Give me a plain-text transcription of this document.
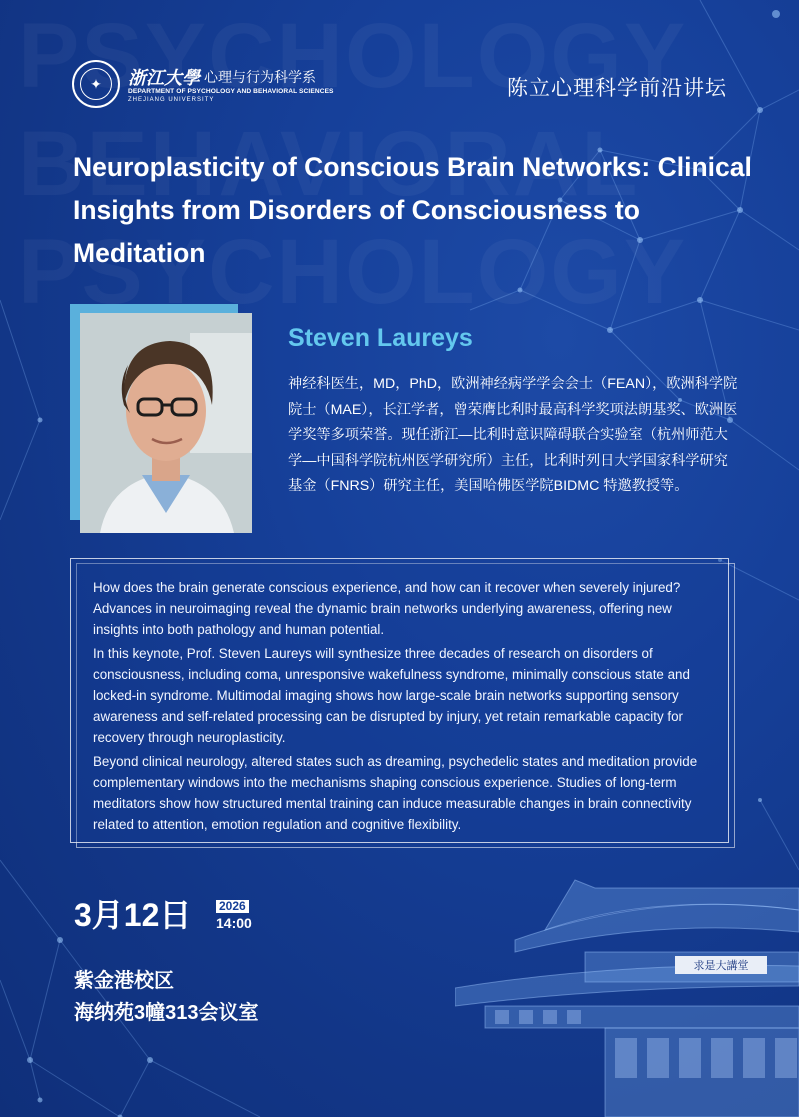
✦ 浙江大學 心理与行为科学系
DEPARTMENT OF PSYCHOLOGY AND BEHAVIORAL SCIENCES
ZHEJIANG UNIVERSITY	陈立心理科学前沿讲坛
Neuroplasticity of Conscious Brain Networks: Clinical Insights from Disorders of Consciousness to Meditation
Steven Laureys

神经科医生，MD，PhD，欧洲神经病学学会会士（FEAN），欧洲科学院院士（MAE），长江学者，曾荣膺比利时最高科学奖项法朗基奖、欧洲医学奖等多项荣誉。现任浙江—比利时意识障碍联合实验室（杭州师范大学—中国科学院杭州医学研究所）主任，比利时列日大学国家科学研究基金（FNRS）研究主任，美国哈佛医学院BIDMC 特邀教授等。

How does the brain generate conscious experience, and how can it recover when severely injured? Advances in neuroimaging reveal the dynamic brain networks underlying awareness, offering new insights into both pathology and human potential.

In this keynote, Prof. Steven Laureys will synthesize three decades of research on disorders of consciousness, including coma, unresponsive wakefulness syndrome, minimally conscious state and locked-in syndrome. Multimodal imaging shows how large-scale brain networks supporting sensory awareness and self-related processing can be disrupted by injury, yet retain remarkable capacity for recovery through neuroplasticity.

Beyond clinical neurology, altered states such as dreaming, psychedelic states and meditation provide complementary windows into the mechanisms shaping conscious experience. Studies of long-term meditators show how structured mental training can induce measurable changes in brain connectivity related to attention, emotion regulation and cognitive flexibility.

3月12日 2026
14:00
紫金港校区
海纳苑3幢313会议室
求是大講堂
